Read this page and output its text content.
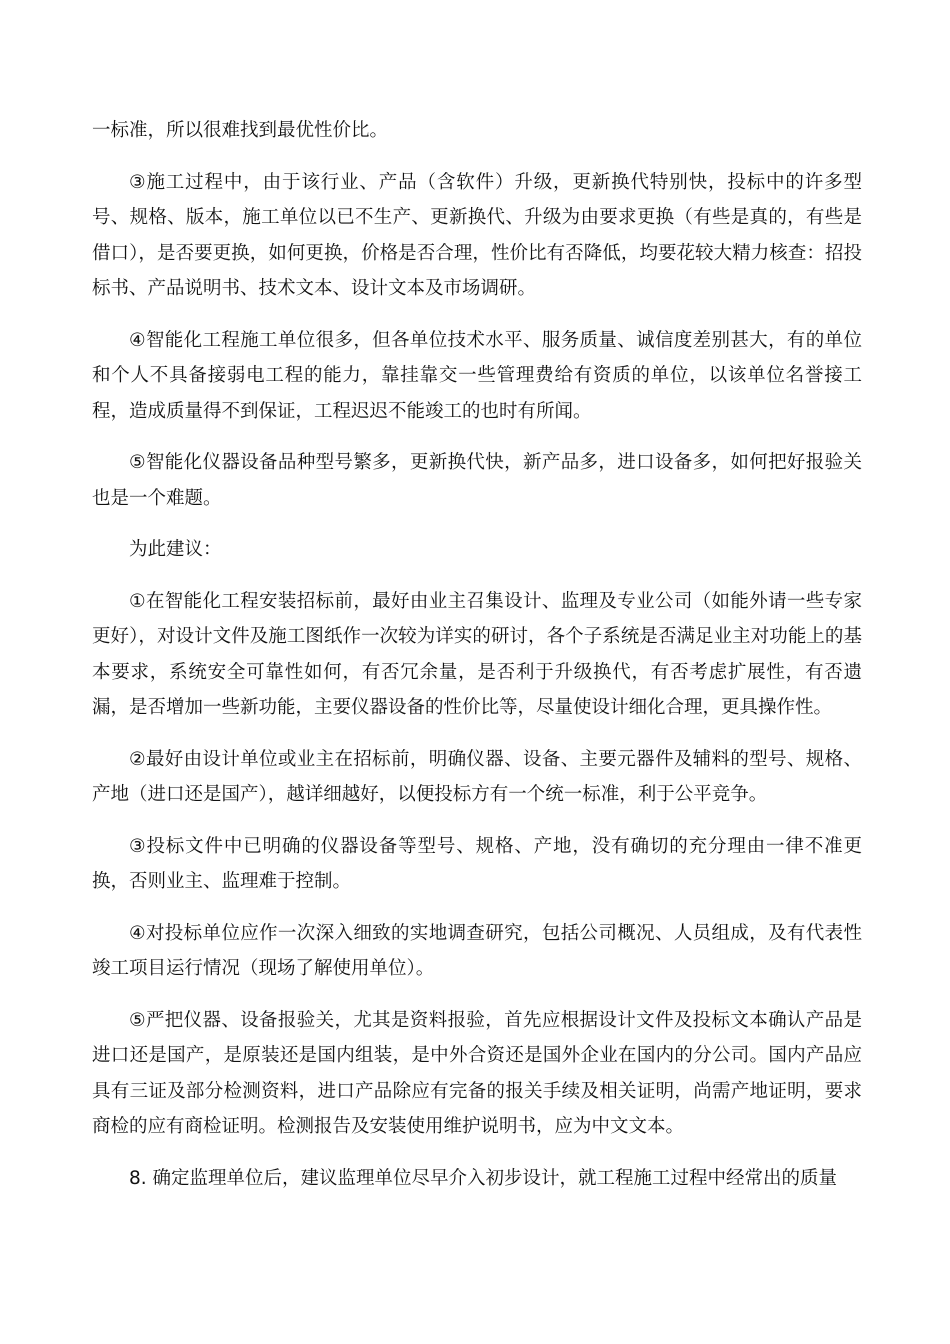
一标准，所以很难找到最优性价比。

③施工过程中，由于该行业、产品（含软件）升级，更新换代特别快，投标中的许多型号、规格、版本，施工单位以已不生产、更新换代、升级为由要求更换（有些是真的，有些是借口），是否要更换，如何更换，价格是否合理，性价比有否降低，均要花较大精力核查：招投标书、产品说明书、技术文本、设计文本及市场调研。

④智能化工程施工单位很多，但各单位技术水平、服务质量、诚信度差别甚大，有的单位和个人不具备接弱电工程的能力，靠挂靠交一些管理费给有资质的单位，以该单位名誉接工程，造成质量得不到保证，工程迟迟不能竣工的也时有所闻。

⑤智能化仪器设备品种型号繁多，更新换代快，新产品多，进口设备多，如何把好报验关也是一个难题。

为此建议：

①在智能化工程安装招标前，最好由业主召集设计、监理及专业公司（如能外请一些专家更好），对设计文件及施工图纸作一次较为详实的研讨，各个子系统是否满足业主对功能上的基本要求，系统安全可靠性如何，有否冗余量，是否利于升级换代，有否考虑扩展性，有否遗漏，是否增加一些新功能，主要仪器设备的性价比等，尽量使设计细化合理，更具操作性。

②最好由设计单位或业主在招标前，明确仪器、设备、主要元器件及辅料的型号、规格、产地（进口还是国产），越详细越好，以便投标方有一个统一标准，利于公平竞争。

③投标文件中已明确的仪器设备等型号、规格、产地，没有确切的充分理由一律不准更换，否则业主、监理难于控制。

④对投标单位应作一次深入细致的实地调查研究，包括公司概况、人员组成，及有代表性竣工项目运行情况（现场了解使用单位）。

⑤严把仪器、设备报验关，尤其是资料报验，首先应根据设计文件及投标文本确认产品是进口还是国产，是原装还是国内组装，是中外合资还是国外企业在国内的分公司。国内产品应具有三证及部分检测资料，进口产品除应有完备的报关手续及相关证明，尚需产地证明，要求商检的应有商检证明。检测报告及安装使用维护说明书，应为中文文本。

8. 确定监理单位后，建议监理单位尽早介入初步设计，就工程施工过程中经常出的质量
